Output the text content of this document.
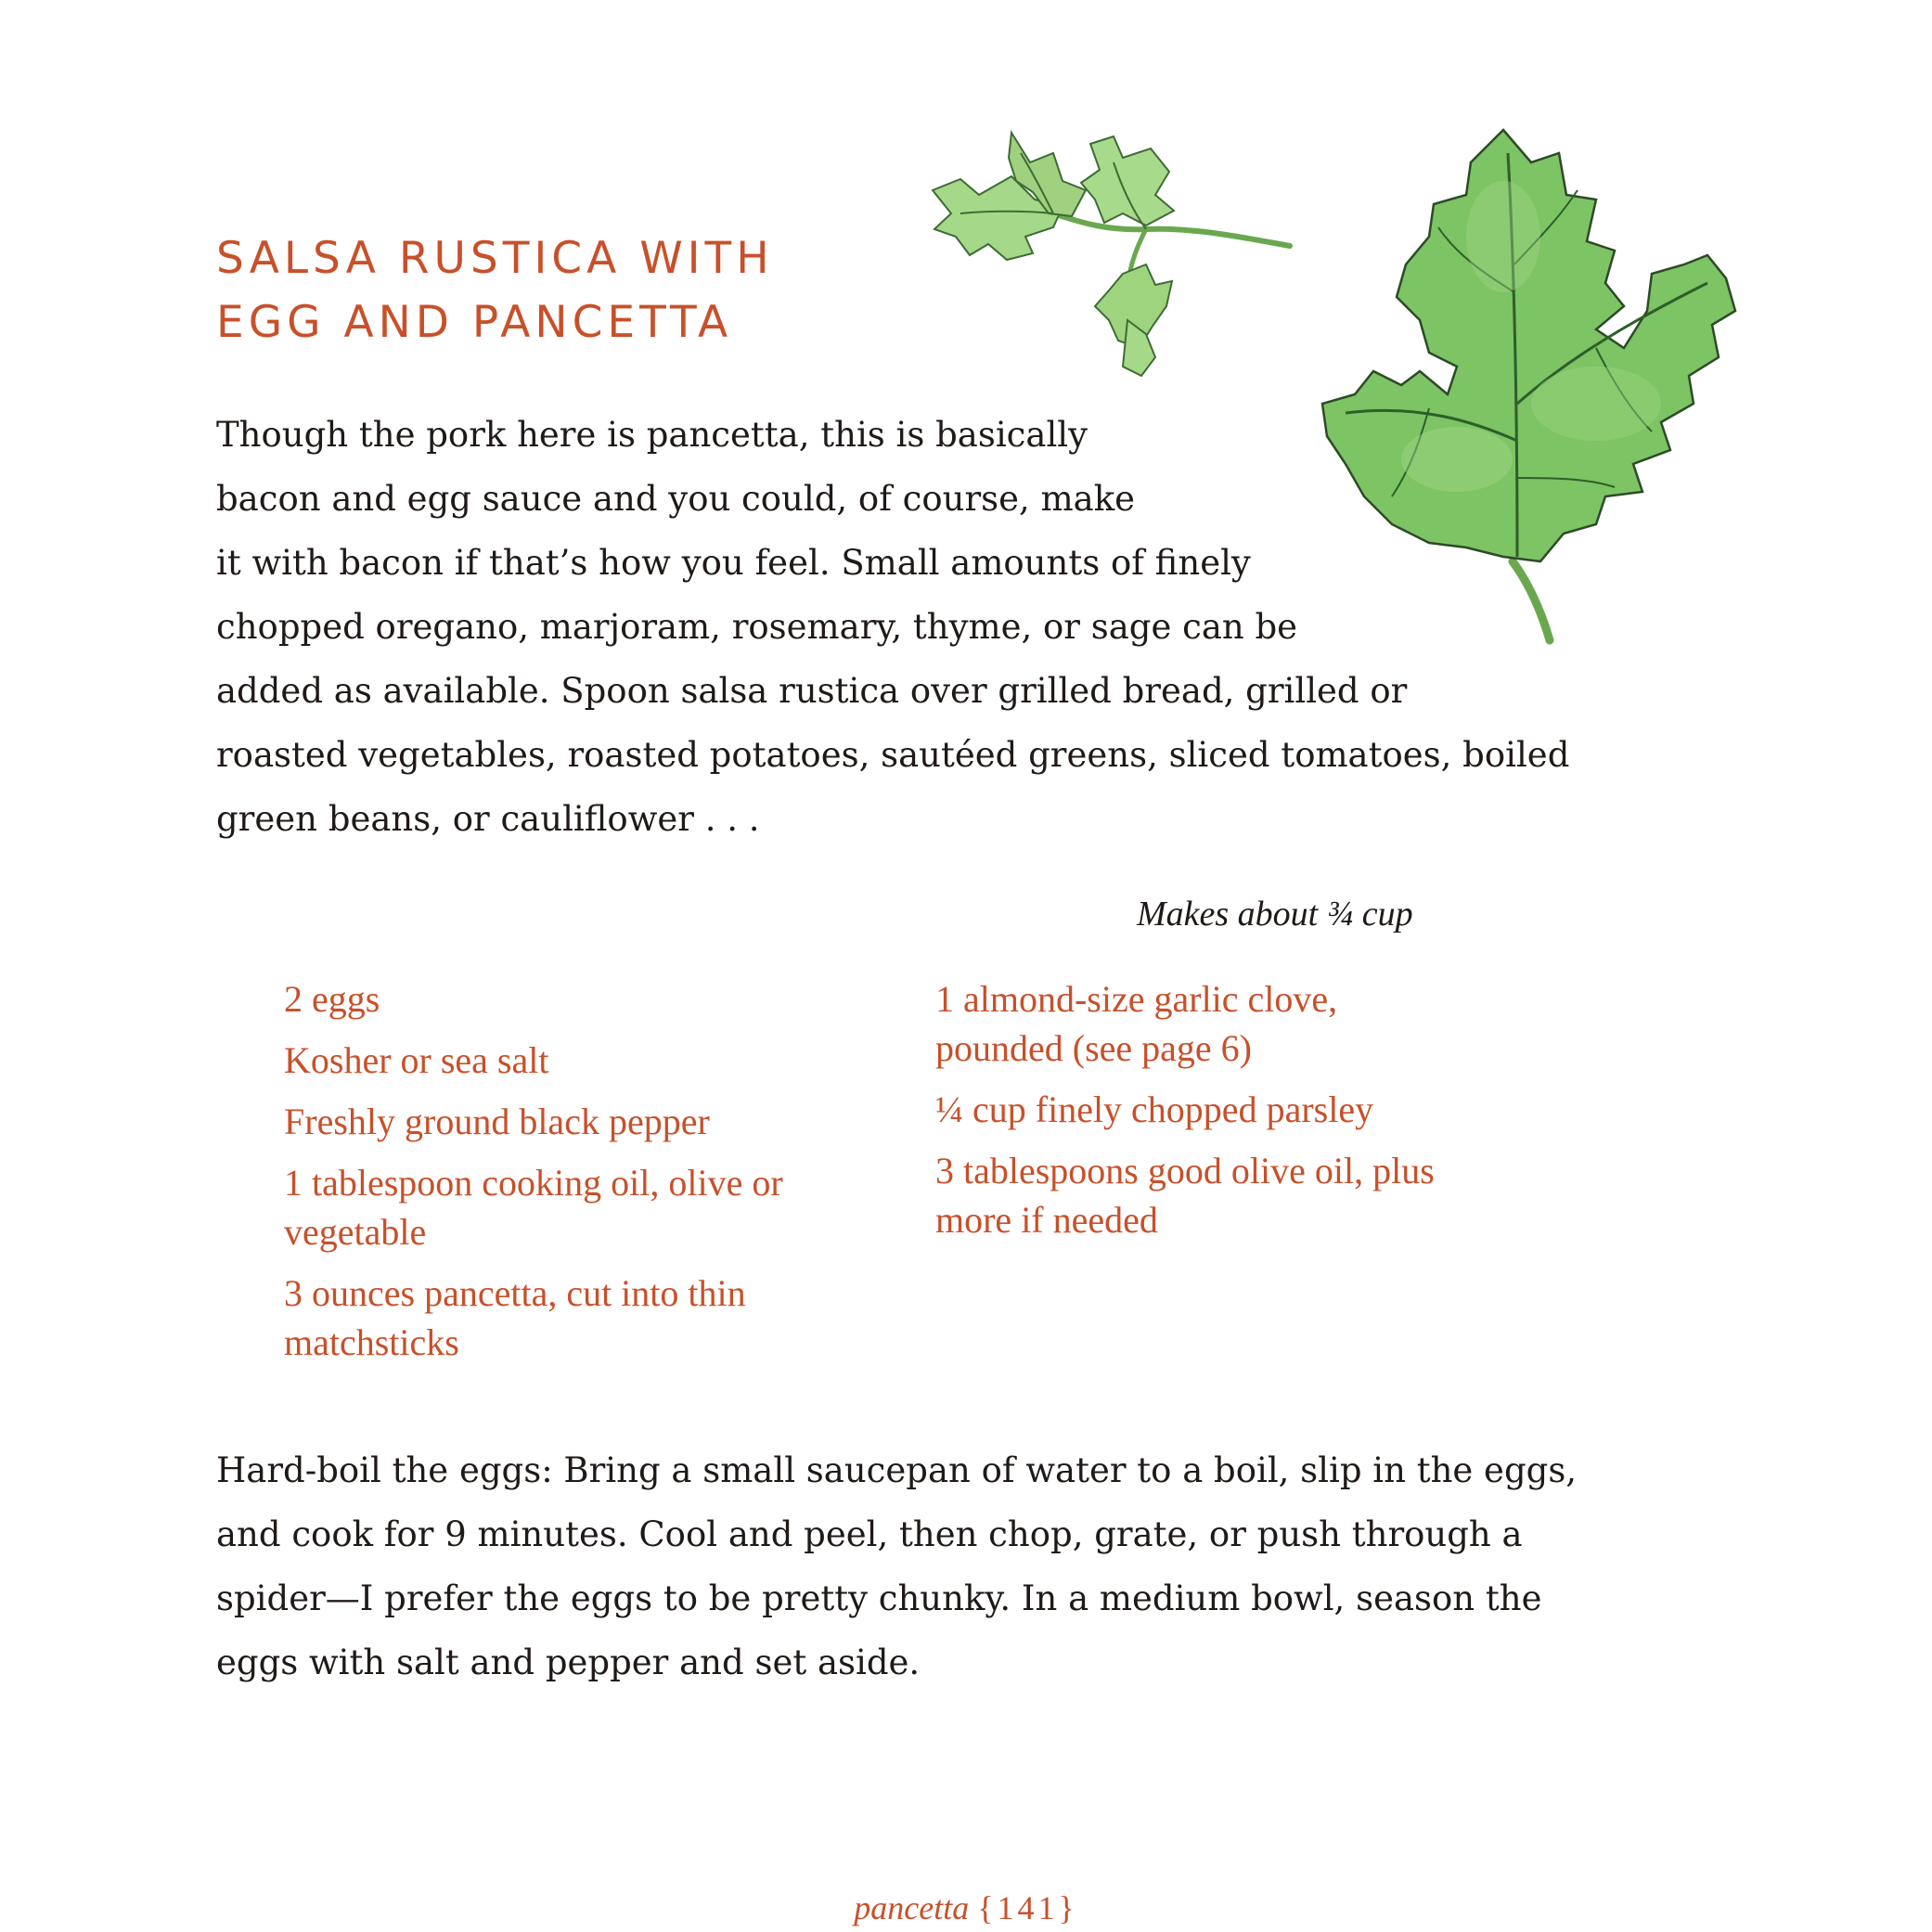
SALSA RUSTICA WITH
EGG AND PANCETTA
Though the pork here is pancetta, this is basically
bacon and egg sauce and you could, of course, make
it with bacon if that’s how you feel. Small amounts of finely
chopped oregano, marjoram, rosemary, thyme, or sage can be
added as available. Spoon salsa rustica over grilled bread, grilled or
roasted vegetables, roasted potatoes, sautéed greens, sliced tomatoes, boiled
green beans, or cauliflower . . .
Makes about ¾ cup
2 eggs
Kosher or sea salt
Freshly ground black pepper
1 tablespoon cooking oil, olive or
vegetable
3 ounces pancetta, cut into thin
matchsticks
1 almond-size garlic clove,
pounded (see page 6)
¼ cup finely chopped parsley
3 tablespoons good olive oil, plus
more if needed
Hard-boil the eggs: Bring a small saucepan of water to a boil, slip in the eggs,
and cook for 9 minutes. Cool and peel, then chop, grate, or push through a
spider—I prefer the eggs to be pretty chunky. In a medium bowl, season the
eggs with salt and pepper and set aside.
pancetta {141}
